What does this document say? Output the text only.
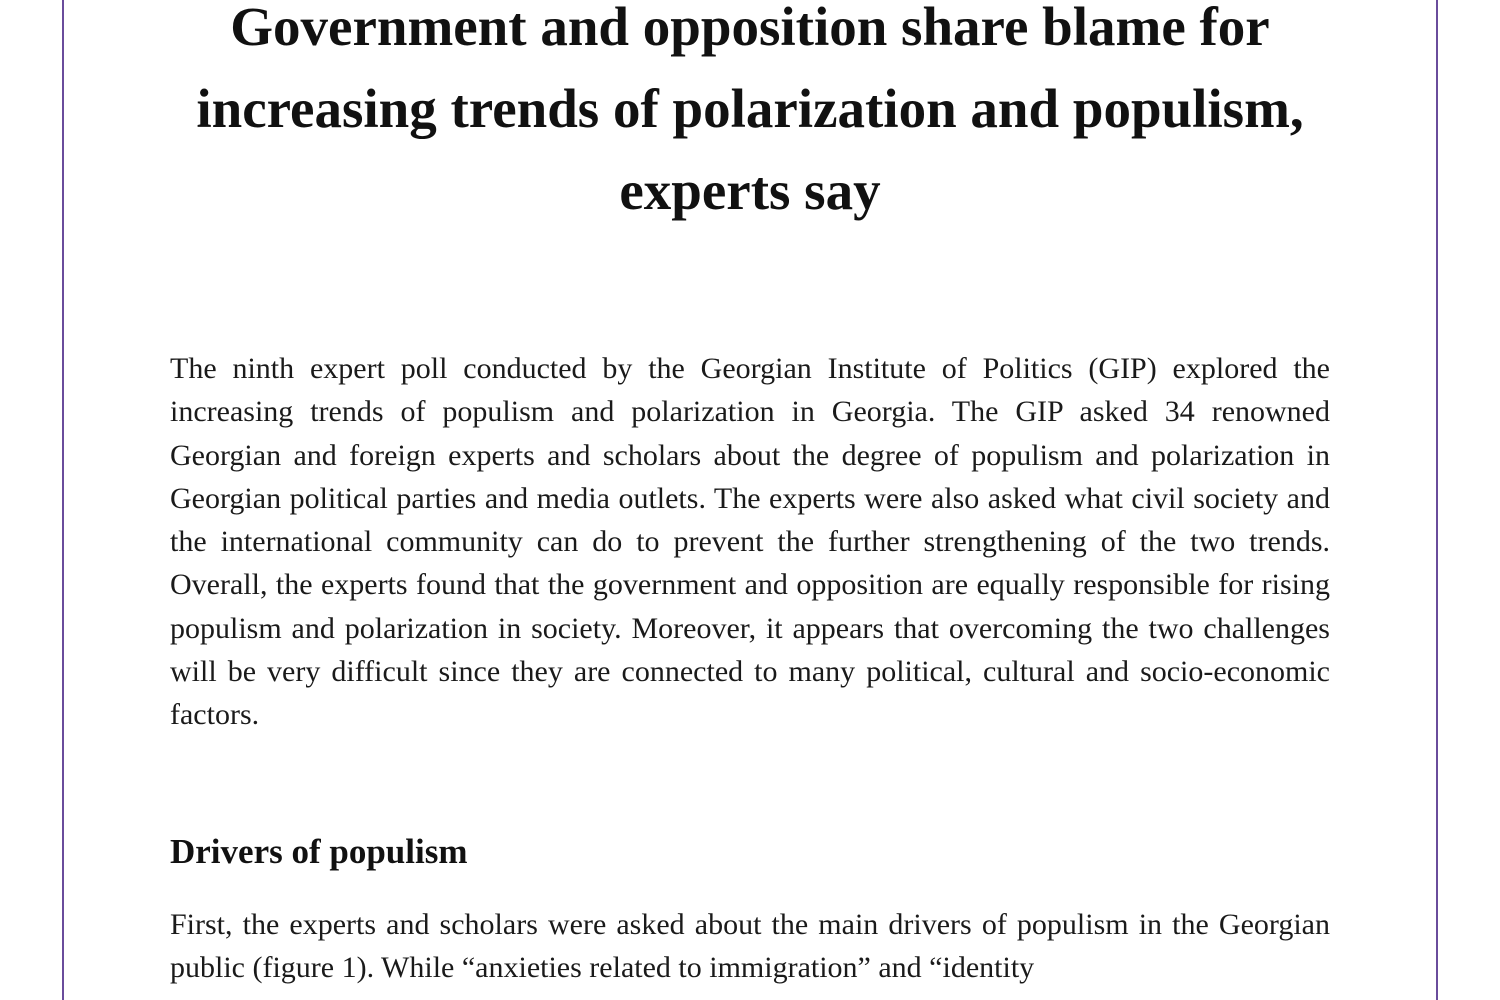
Government and opposition share blame for increasing trends of polarization and populism, experts say

The ninth expert poll conducted by the Georgian Institute of Politics (GIP) explored the increasing trends of populism and polarization in Georgia. The GIP asked 34 renowned Georgian and foreign experts and scholars about the degree of populism and polarization in Georgian political parties and media outlets. The experts were also asked what civil society and the international community can do to prevent the further strengthening of the two trends. Overall, the experts found that the government and opposition are equally responsible for rising populism and polarization in society. Moreover, it appears that overcoming the two challenges will be very difficult since they are connected to many political, cultural and socio-economic factors.

Drivers of populism

First, the experts and scholars were asked about the main drivers of populism in the Georgian public (figure 1). While “anxieties related to immigration” and “identity
